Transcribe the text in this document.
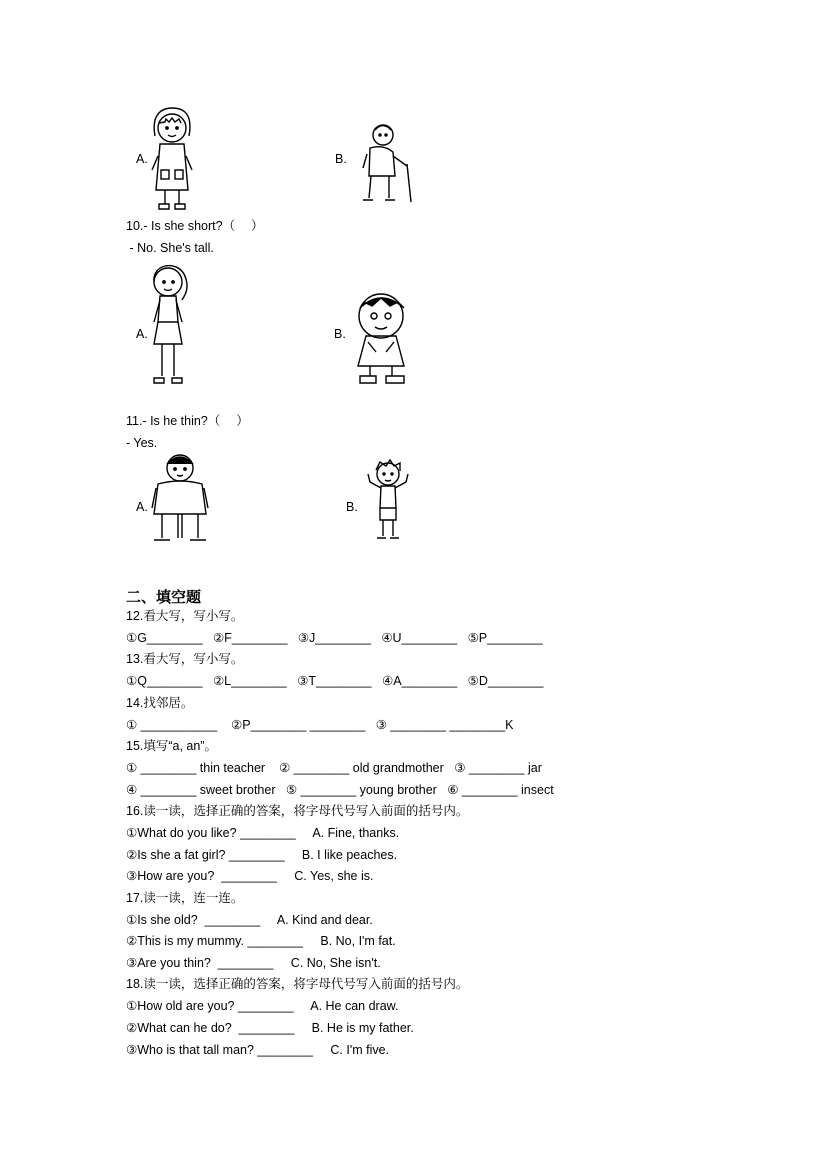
A.	B.
10.- Is she short?（　 ）
- No. She's tall.
A.	B.
11.- Is he thin?（　 ）
- Yes.
A.	B.
二、填空题
12.看大写，写小写。
①G________   ②F________   ③J________   ④U________   ⑤P________
13.看大写，写小写。
①Q________   ②L________   ③T________   ④A________   ⑤D________
14.找邻居。
① ___________    ②P________ ________   ③ ________ ________K
15.填写“a, an”。
① ________ thin teacher    ② ________ old grandmother   ③ ________ jar
④ ________ sweet brother   ⑤ ________ young brother   ⑥ ________ insect
16.读一读，选择正确的答案，将字母代号写入前面的括号内。
①What do you like? ________     A. Fine, thanks.
②Is she a fat girl? ________     B. I like peaches.
③How are you?  ________     C. Yes, she is.
17.读一读，连一连。
①Is she old?  ________     A. Kind and dear.
②This is my mummy. ________     B. No, I'm fat.
③Are you thin?  ________     C. No, She isn't.
18.读一读，选择正确的答案，将字母代号写入前面的括号内。
①How old are you? ________     A. He can draw.
②What can he do?  ________     B. He is my father.
③Who is that tall man? ________     C. I'm five.
